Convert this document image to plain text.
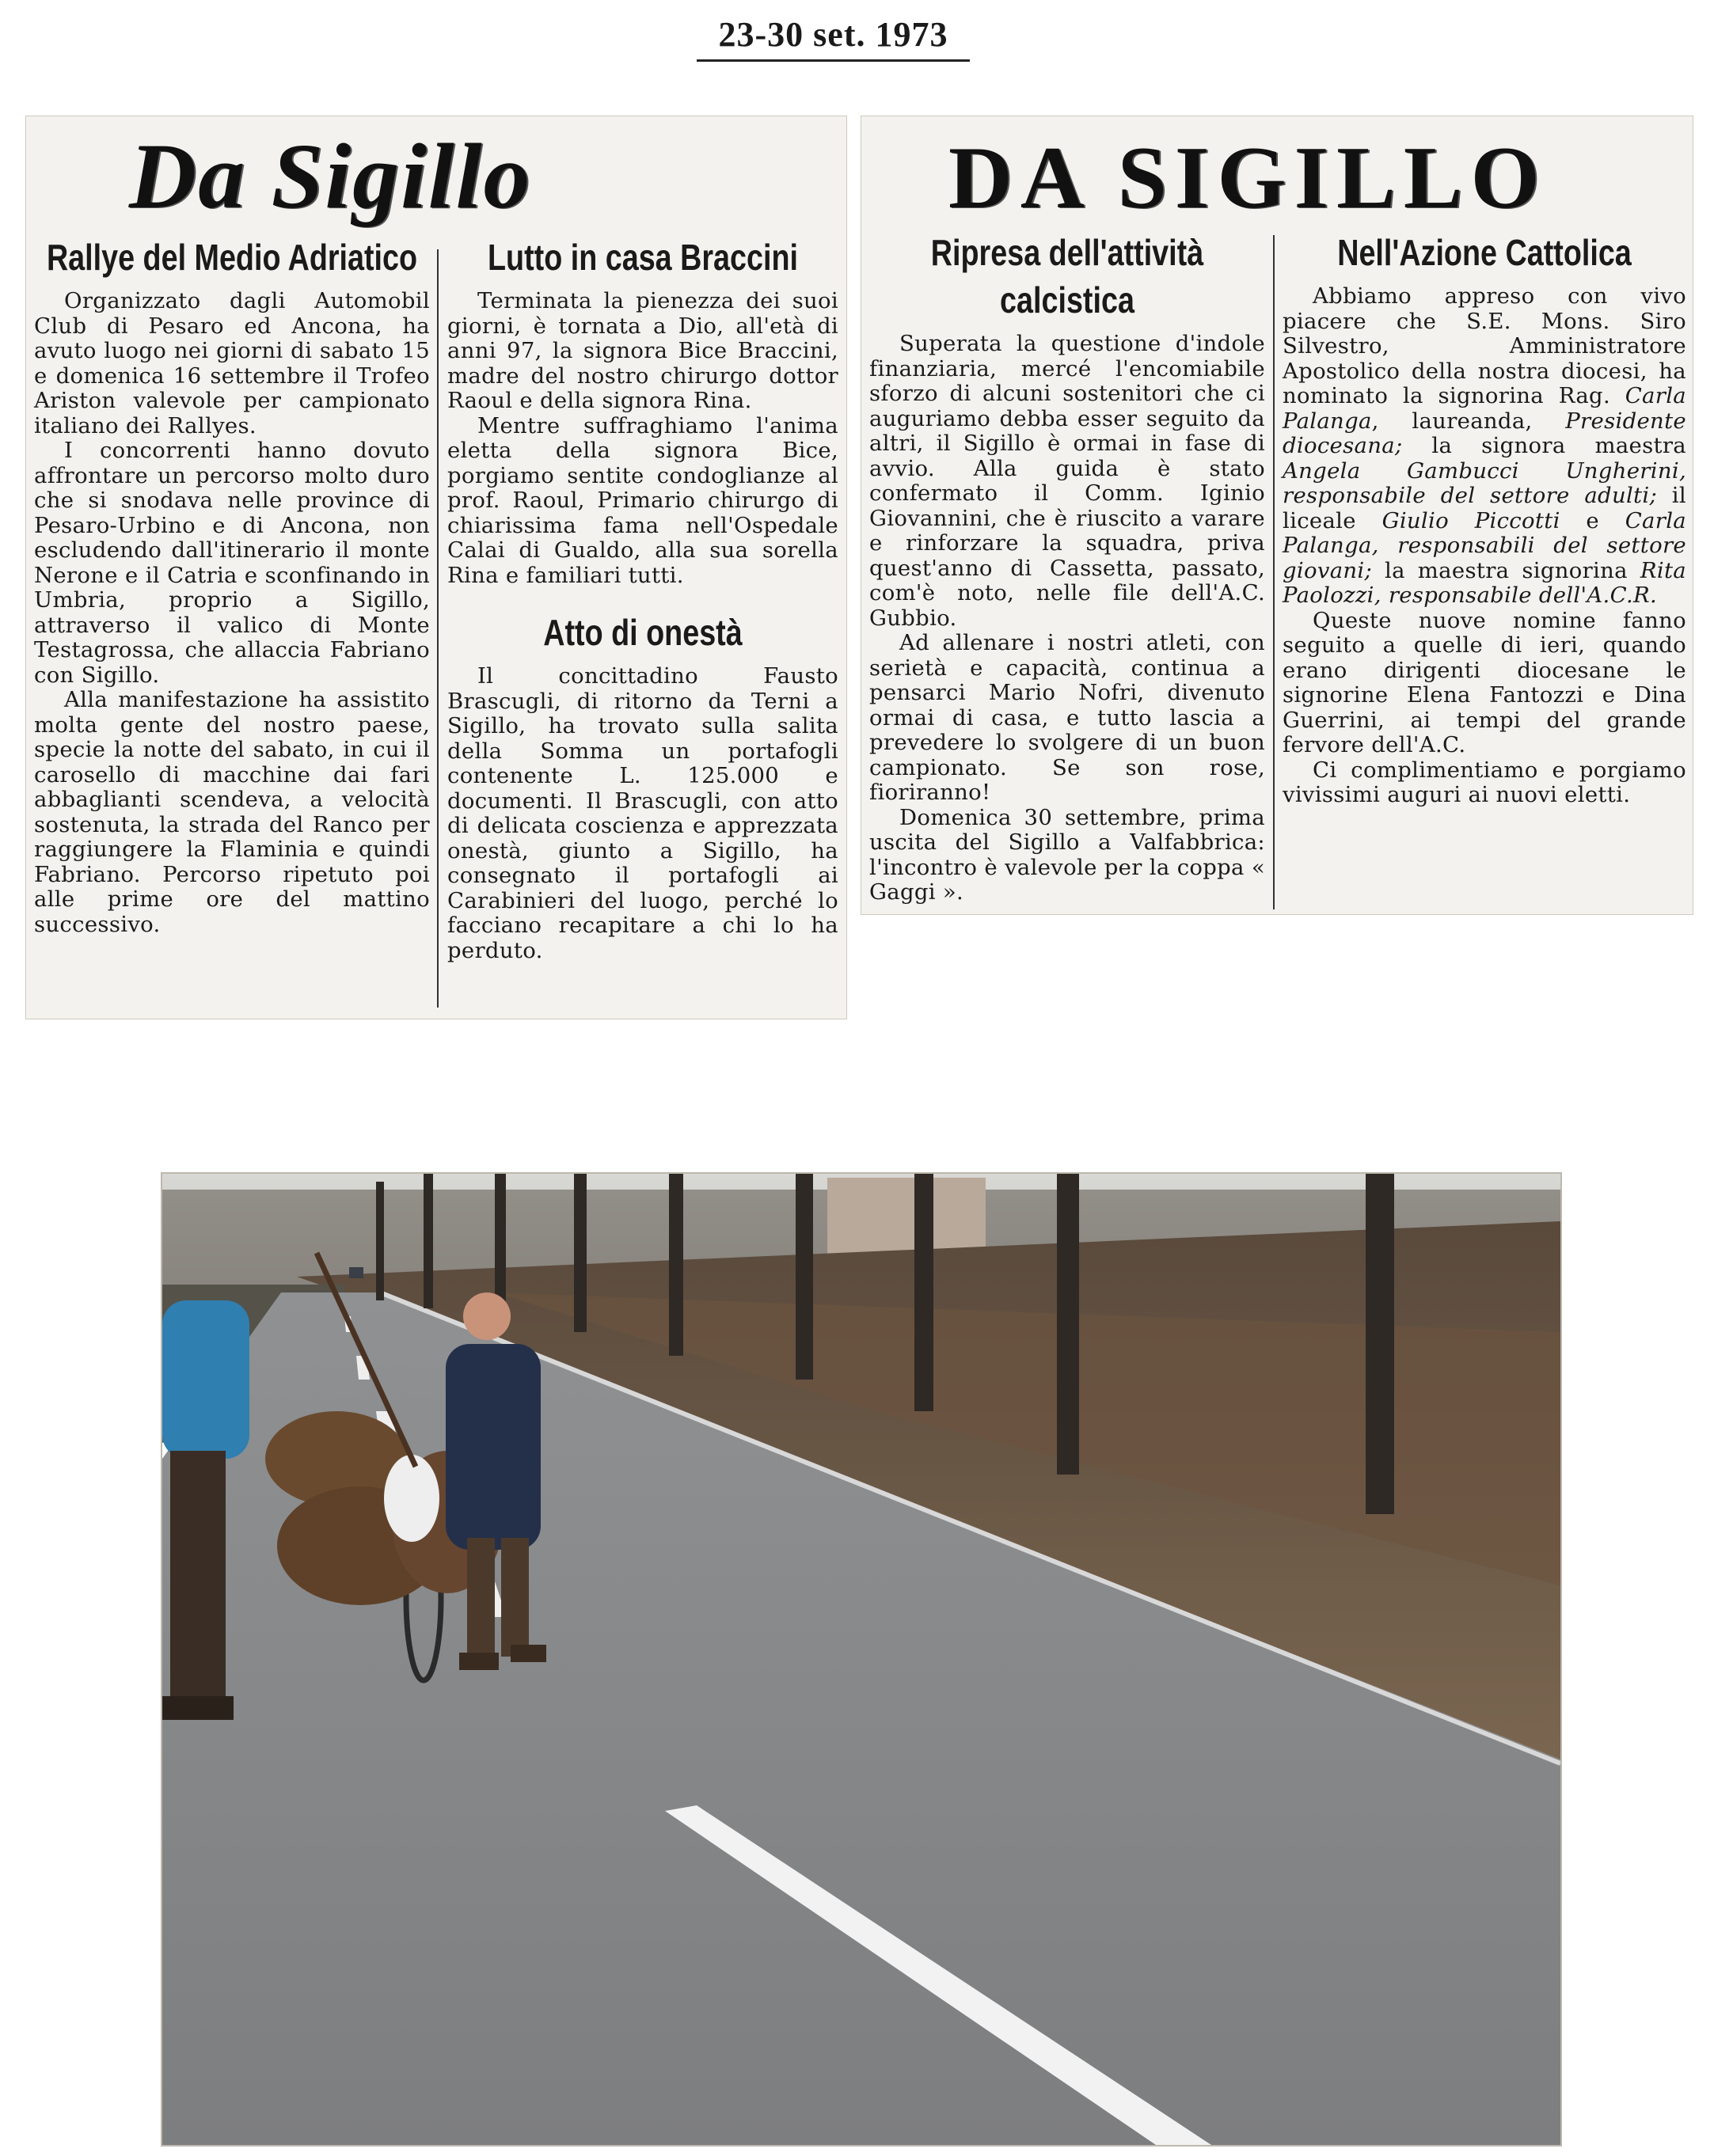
23-30 set. 1973
Da Sigillo
Rallye del Medio Adriatico

Organizzato dagli Automobil Club di Pesaro ed Ancona, ha avuto luogo nei giorni di sabato 15 e domenica 16 settembre il Trofeo Ariston valevole per campionato italiano dei Rallyes.

I concorrenti hanno dovuto affrontare un percorso molto duro che si snodava nelle province di Pesaro-Urbino e di Ancona, non escludendo dall'itinerario il monte Nerone e il Catria e sconfinando in Umbria, proprio a Sigillo, attraverso il valico di Monte Testagrossa, che allaccia Fabriano con Sigillo.

Alla manifestazione ha assistito molta gente del nostro paese, specie la notte del sabato, in cui il carosello di macchine dai fari abbaglianti scendeva, a velocità sostenuta, la strada del Ranco per raggiungere la Flaminia e quindi Fabriano. Percorso ripetuto poi alle prime ore del mattino successivo.

Lutto in casa Braccini

Terminata la pienezza dei suoi giorni, è tornata a Dio, all'età di anni 97, la signora Bice Braccini, madre del nostro chirurgo dottor Raoul e della signora Rina.

Mentre suffraghiamo l'anima eletta della signora Bice, porgiamo sentite condoglianze al prof. Raoul, Primario chirurgo di chiarissima fama nell'Ospedale Calai di Gualdo, alla sua sorella Rina e familiari tutti.

Atto di onestà

Il concittadino Fausto Brascugli, di ritorno da Terni a Sigillo, ha trovato sulla salita della Somma un portafogli contenente L. 125.000 e documenti. Il Brascugli, con atto di delicata coscienza e apprezzata onestà, giunto a Sigillo, ha consegnato il portafogli ai Carabinieri del luogo, perché lo facciano recapitare a chi lo ha perduto.

DA SIGILLO
Ripresa dell'attività calcistica

Superata la questione d'indole finanziaria, mercé l'encomiabile sforzo di alcuni sostenitori che ci auguriamo debba esser seguito da altri, il Sigillo è ormai in fase di avvio. Alla guida è stato confermato il Comm. Iginio Giovannini, che è riuscito a varare e rinforzare la squadra, priva quest'anno di Cassetta, passato, com'è noto, nelle file dell'A.C. Gubbio.

Ad allenare i nostri atleti, con serietà e capacità, continua a pensarci Mario Nofri, divenuto ormai di casa, e tutto lascia a prevedere lo svolgere di un buon campionato. Se son rose, fioriranno!

Domenica 30 settembre, prima uscita del Sigillo a Valfabbrica: l'incontro è valevole per la coppa « Gaggi ».

Nell'Azione Cattolica

Abbiamo appreso con vivo piacere che S.E. Mons. Siro Silvestro, Amministratore Apostolico della nostra diocesi, ha nominato la signorina Rag. Carla Palanga, laureanda, Presidente diocesana; la signora maestra Angela Gambucci Ungherini, responsabile del settore adulti; il liceale Giulio Piccotti e Carla Palanga, responsabili del settore giovani; la maestra signorina Rita Paolozzi, responsabile dell'A.C.R.

Queste nuove nomine fanno seguito a quelle di ieri, quando erano dirigenti diocesane le signorine Elena Fantozzi e Dina Guerrini, ai tempi del grande fervore dell'A.C.

Ci complimentiamo e porgiamo vivissimi auguri ai nuovi eletti.
